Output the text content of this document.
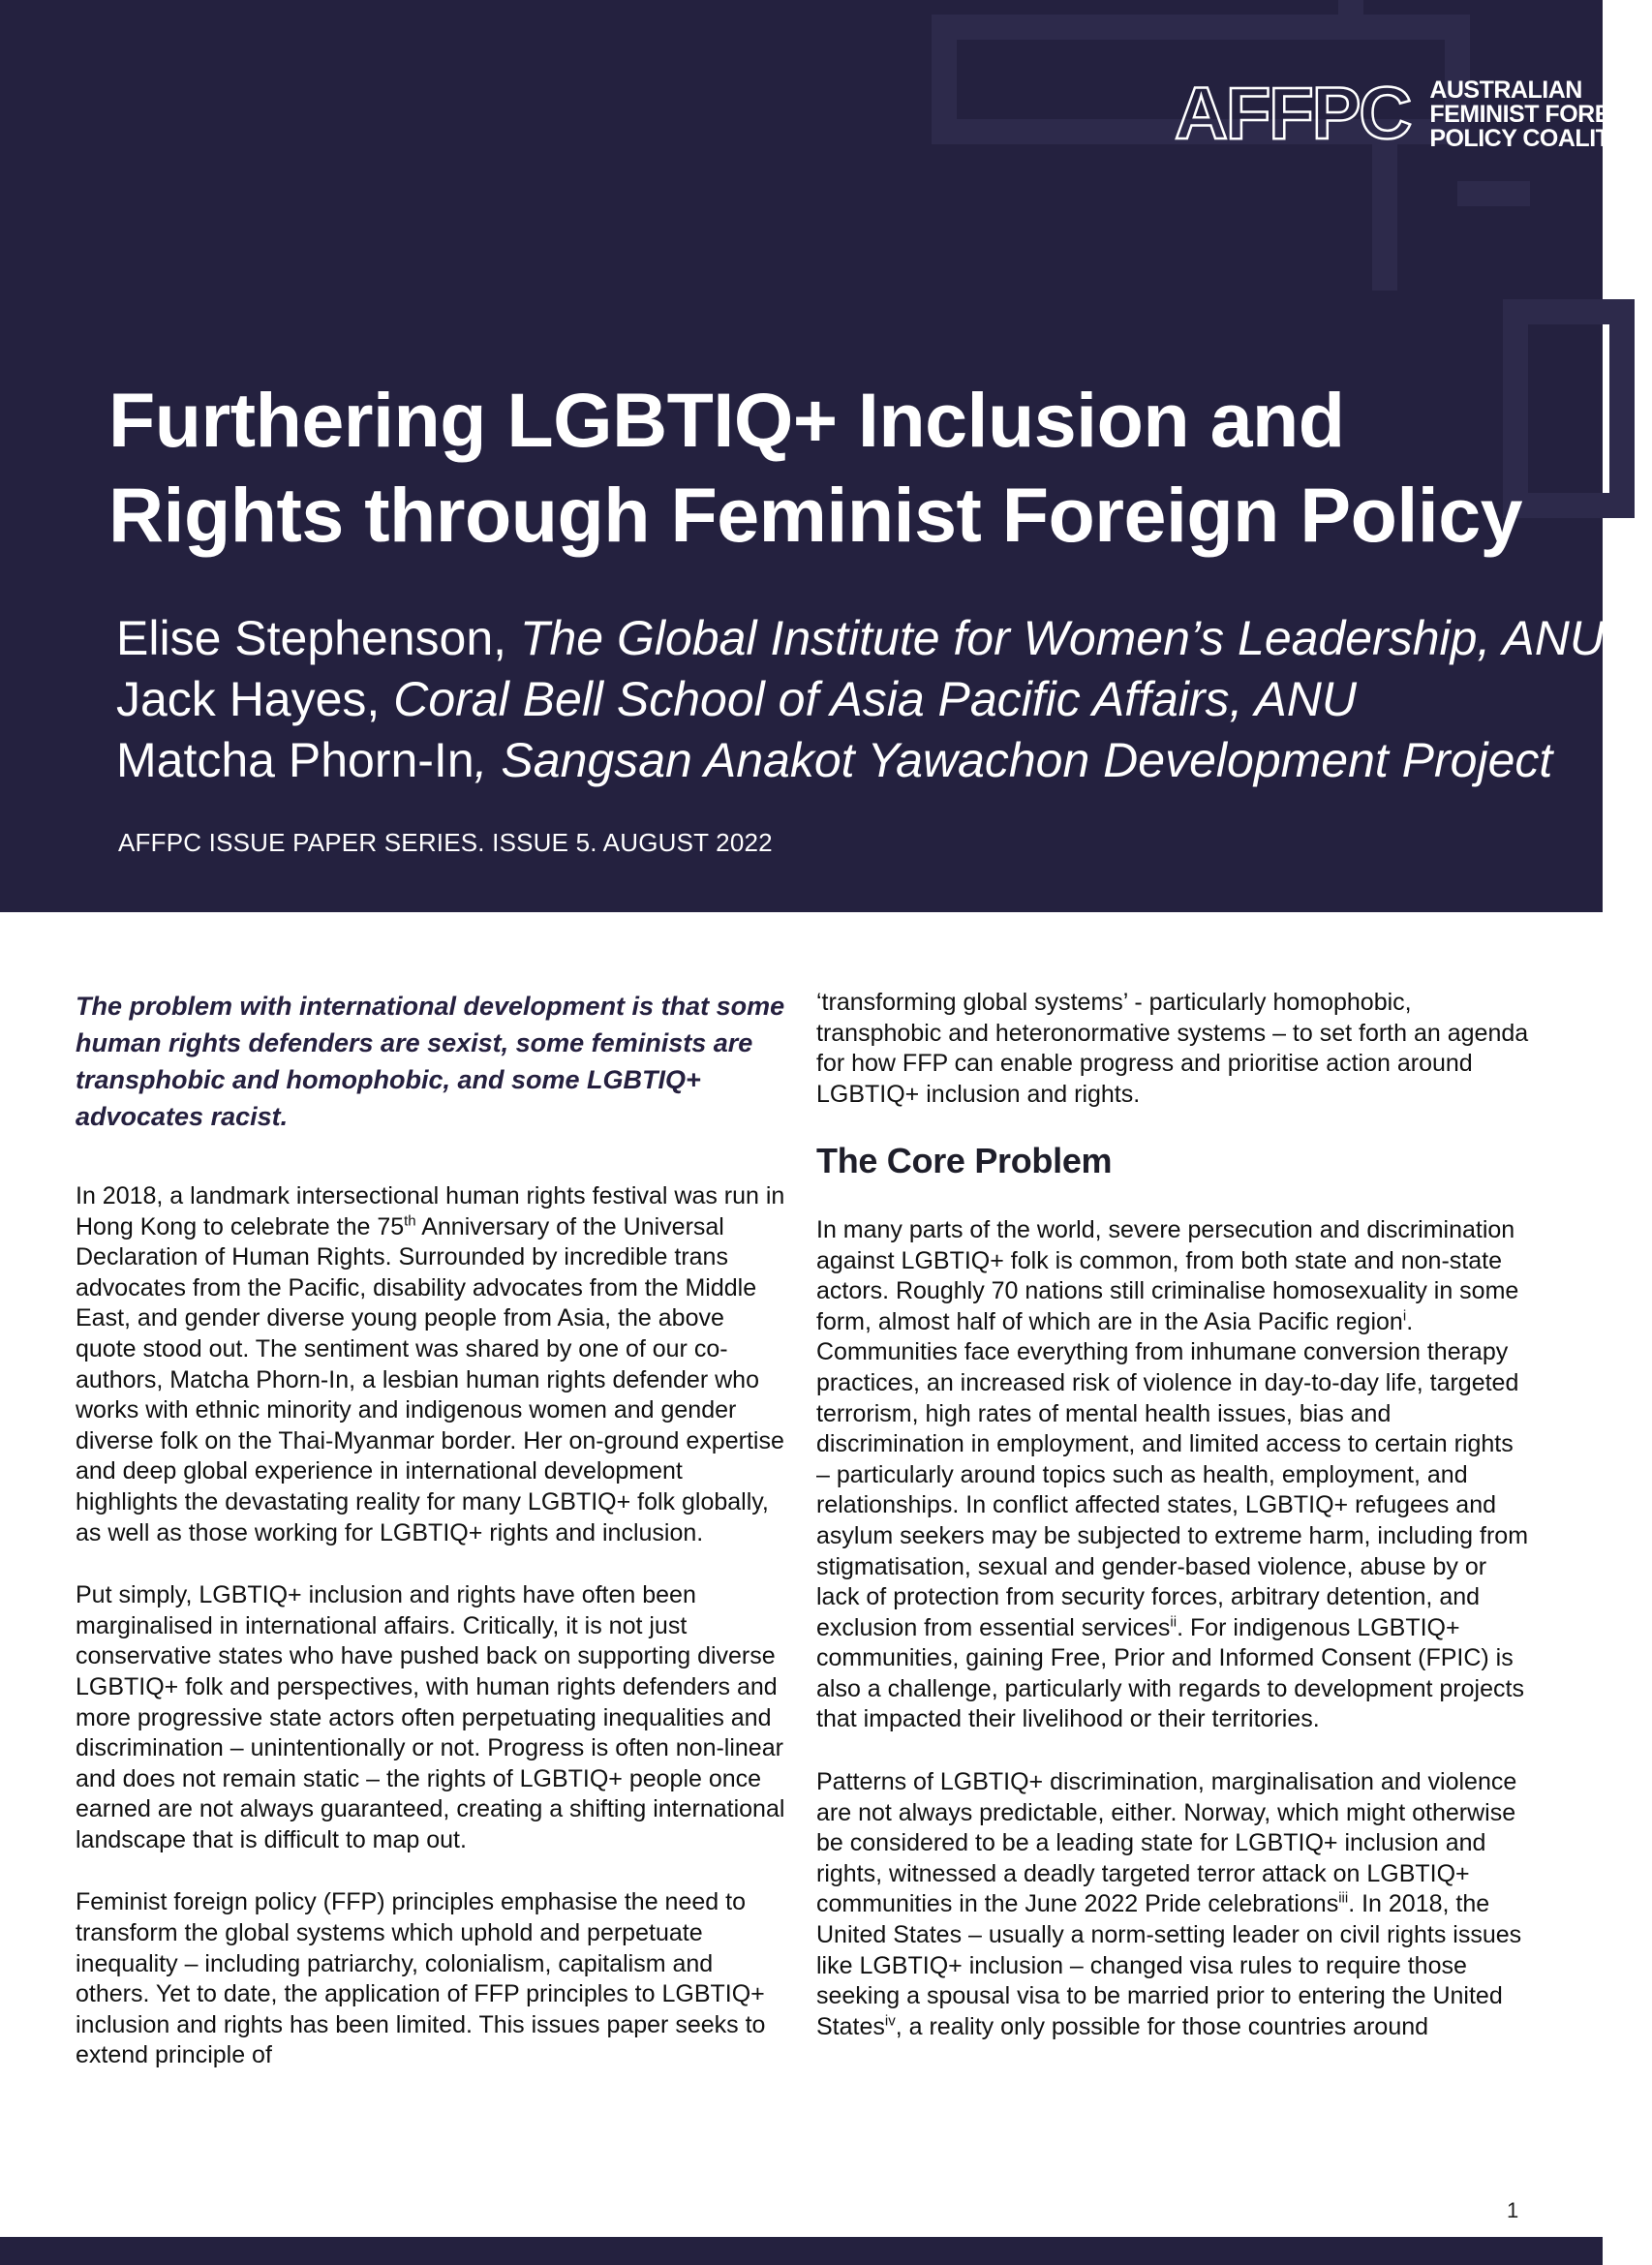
AFFPC AUSTRALIAN
FEMINIST FOREIGN
POLICY COALITION
Furthering LGBTIQ+ Inclusion and
Rights through Feminist Foreign Policy
Elise Stephenson, The Global Institute for Women’s Leadership, ANU
Jack Hayes, Coral Bell School of Asia Pacific Affairs, ANU
Matcha Phorn-In, Sangsan Anakot Yawachon Development Project
AFFPC ISSUE PAPER SERIES. ISSUE 5. AUGUST 2022

The problem with international development is that some human rights defenders are sexist, some feminists are transphobic and homophobic, and some LGBTIQ+ advocates racist.

In 2018, a landmark intersectional human rights festival was run in Hong Kong to celebrate the 75th Anniversary of the Universal Declaration of Human Rights. Surrounded by incredible trans advocates from the Pacific, disability advocates from the Middle East, and gender diverse young people from Asia, the above quote stood out. The sentiment was shared by one of our co-authors, Matcha Phorn-In, a lesbian human rights defender who works with ethnic minority and indigenous women and gender diverse folk on the Thai-Myanmar border. Her on-ground expertise and deep global experience in international development highlights the devastating reality for many LGBTIQ+ folk globally, as well as those working for LGBTIQ+ rights and inclusion.

Put simply, LGBTIQ+ inclusion and rights have often been marginalised in international affairs. Critically, it is not just conservative states who have pushed back on supporting diverse LGBTIQ+ folk and perspectives, with human rights defenders and more progressive state actors often perpetuating inequalities and discrimination – unintentionally or not. Progress is often non-linear and does not remain static – the rights of LGBTIQ+ people once earned are not always guaranteed, creating a shifting international landscape that is difficult to map out.

Feminist foreign policy (FFP) principles emphasise the need to transform the global systems which uphold and perpetuate inequality – including patriarchy, colonialism, capitalism and others. Yet to date, the application of FFP principles to LGBTIQ+ inclusion and rights has been limited. This issues paper seeks to extend principle of

‘transforming global systems’ - particularly homophobic, transphobic and heteronormative systems – to set forth an agenda for how FFP can enable progress and prioritise action around LGBTIQ+ inclusion and rights.

The Core Problem

In many parts of the world, severe persecution and discrimination against LGBTIQ+ folk is common, from both state and non-state actors. Roughly 70 nations still criminalise homosexuality in some form, almost half of which are in the Asia Pacific region$^i$. Communities face everything from inhumane conversion therapy practices, an increased risk of violence in day-to-day life, targeted terrorism, high rates of mental health issues, bias and discrimination in employment, and limited access to certain rights – particularly around topics such as health, employment, and relationships. In conflict affected states, LGBTIQ+ refugees and asylum seekers may be subjected to extreme harm, including from stigmatisation, sexual and gender-based violence, abuse by or lack of protection from security forces, arbitrary detention, and exclusion from essential services$^{ii}$. For indigenous LGBTIQ+ communities, gaining Free, Prior and Informed Consent (FPIC) is also a challenge, particularly with regards to development projects that impacted their livelihood or their territories.

Patterns of LGBTIQ+ discrimination, marginalisation and violence are not always predictable, either. Norway, which might otherwise be considered to be a leading state for LGBTIQ+ inclusion and rights, witnessed a deadly targeted terror attack on LGBTIQ+ communities in the June 2022 Pride celebrations$^{iii}$. In 2018, the United States – usually a norm-setting leader on civil rights issues like LGBTIQ+ inclusion – changed visa rules to require those seeking a spousal visa to be married prior to entering the United States$^{iv}$, a reality only possible for those countries around

1
